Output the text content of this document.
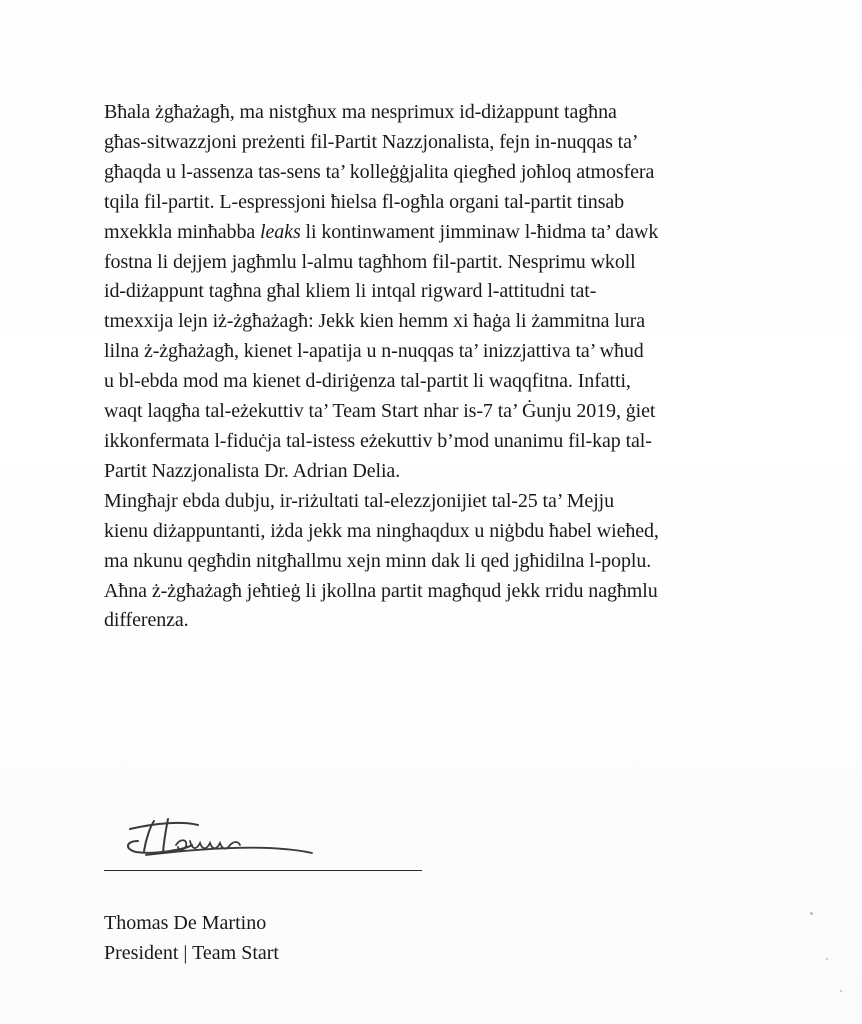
Bħala żgħażagħ, ma nistgħux ma nesprimux id-diżappunt tagħna
għas-sitwazzjoni preżenti fil-Partit Nazzjonalista, fejn in-nuqqas ta’
għaqda u l-assenza tas-sens ta’ kolleġġjalita qiegħed joħloq atmosfera
tqila fil-partit. L-espressjoni ħielsa fl-ogħla organi tal-partit tinsab
mxekkla minħabba leaks li kontinwament jimminaw l-ħidma ta’ dawk
fostna li dejjem jagħmlu l-almu tagħhom fil-partit. Nesprimu wkoll
id-diżappunt tagħna għal kliem li intqal rigward l-attitudni tat-
tmexxija lejn iż-żgħażagħ: Jekk kien hemm xi ħaġa li żammitna lura
lilna ż-żgħażagħ, kienet l-apatija u n-nuqqas ta’ inizzjattiva ta’ wħud
u bl-ebda mod ma kienet d-diriġenza tal-partit li waqqfitna. Infatti,
waqt laqgħa tal-eżekuttiv ta’ Team Start nhar is-7 ta’ Ġunju 2019, ġiet
ikkonfermata l-fiduċja tal-istess eżekuttiv b’mod unanimu fil-kap tal-
Partit Nazzjonalista Dr. Adrian Delia.

Mingħajr ebda dubju, ir-riżultati tal-elezzjonijiet tal-25 ta’ Mejju
kienu diżappuntanti, iżda jekk ma ninghaqdux u niġbdu ħabel wieħed,
ma nkunu qegħdin nitgħallmu xejn minn dak li qed jgħidilna l-poplu.
Aħna ż-żgħażagħ jeħtieġ li jkollna partit magħqud jekk rridu nagħmlu
differenza.

Thomas De Martino
President | Team Start
